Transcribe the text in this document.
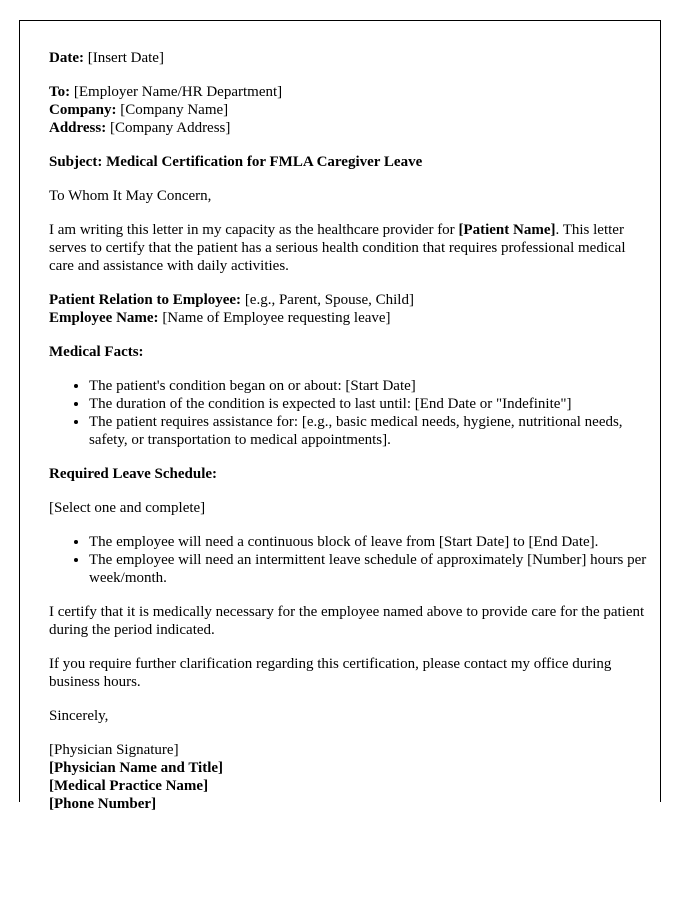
Date: [Insert Date]

To: [Employer Name/HR Department]

Company: [Company Name]

Address: [Company Address]

Subject: Medical Certification for FMLA Caregiver Leave

To Whom It May Concern,

I am writing this letter in my capacity as the healthcare provider for [Patient Name]. This letter serves to certify that the patient has a serious health condition that requires professional medical care and assistance with daily activities.

Patient Relation to Employee: [e.g., Parent, Spouse, Child]

Employee Name: [Name of Employee requesting leave]

Medical Facts:

• The patient's condition began on or about: [Start Date]
• The duration of the condition is expected to last until: [End Date or "Indefinite"]
• The patient requires assistance for: [e.g., basic medical needs, hygiene, nutritional needs, safety, or transportation to medical appointments].

Required Leave Schedule:

[Select one and complete]

• The employee will need a continuous block of leave from [Start Date] to [End Date].
• The employee will need an intermittent leave schedule of approximately [Number] hours per week/month.

I certify that it is medically necessary for the employee named above to provide care for the patient during the period indicated.

If you require further clarification regarding this certification, please contact my office during business hours.

Sincerely,

[Physician Signature]

[Physician Name and Title]

[Medical Practice Name]

[Phone Number]
